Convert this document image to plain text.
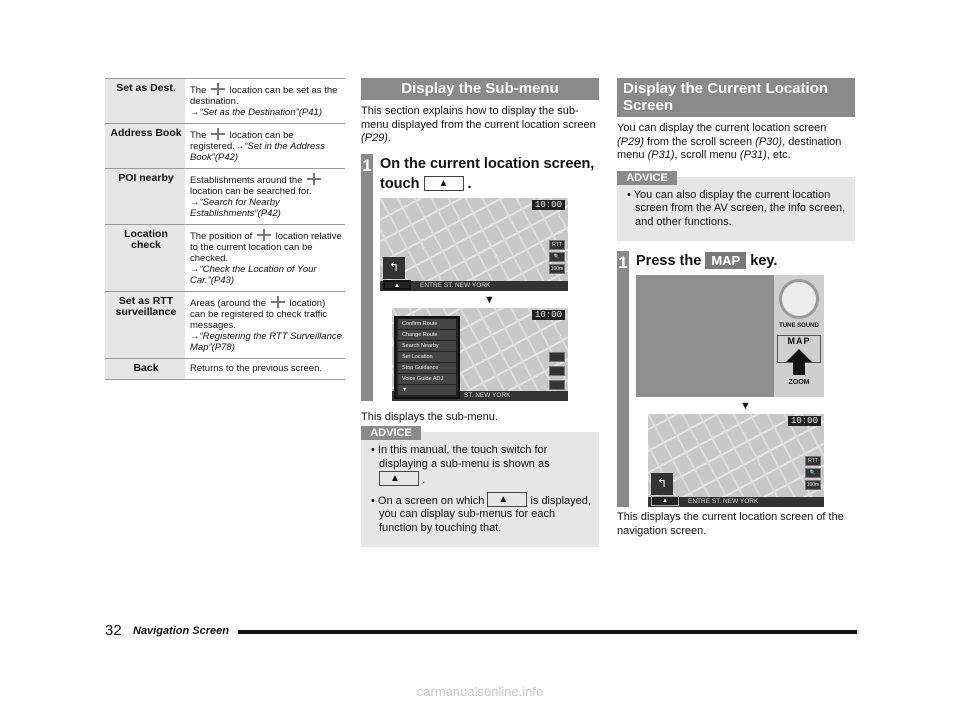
Set as Dest.	The location can be set as the destination.
→“Set as the Destination”(P41)
Address Book	The location can be registered.→“Set in the Address Book”(P42)
POI nearby	Establishments around the  location can be searched for.
→“Search for Nearby Establishments”(P42)
Location check	The position of location relative to the current location can be checked.
→“Check the Location of Your Car.”(P43)
Set as RTT surveillance	Areas (around the location) can be registered to check traffic messages.
→“Registering the RTT Surveillance Map”(P78)
Back	Returns to the previous screen.
Display the Sub-menu

This section explains how to display the sub-menu displayed from the current location screen (P29).

1 On the current location screen,
touch ▲ .
10:00
RTT
🔍
100m
↰
ENTRE ST. NEW YORK
▲
▼
10:00
ST. NEW YORK
Confirm Route
Change Route
Search Nearby
Set Location
Stop Guidance
Voice Guide ADJ
▼

This displays the sub-menu.

ADVICE
• In this manual, the touch switch for displaying a sub-menu is shown as ▲ .
• On a screen on which ▲ is displayed, you can display sub-menus for each function by touching that.
Display the Current Location Screen

You can display the current location screen (P29) from the scroll screen (P30), destination menu (P31), scroll menu (P31), etc.

ADVICE
• You can also display the current location screen from the AV screen, the info screen, and other functions.
1 Press the MAP key.
TUNE SOUND
MAP
ZOOM
▼
10:00
RTT
🔍
100m
↰
ENTRE ST. NEW YORK
▲

This displays the current location screen of the navigation screen.

32 Navigation Screen
carmanualsonline.info
